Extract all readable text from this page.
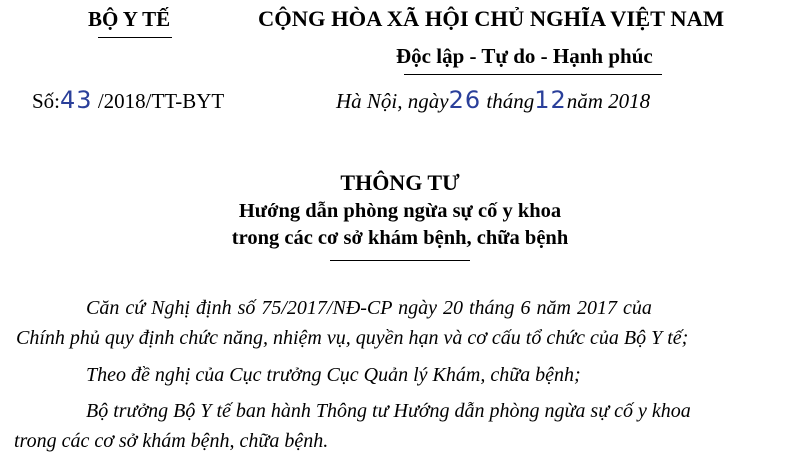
BỘ Y TẾ	CỘNG HÒA XÃ HỘI CHỦ NGHĨA VIỆT NAM
Độc lập - Tự do - Hạnh phúc
Số:43 /2018/TT-BYT	Hà Nội, ngày26 tháng12năm 2018
THÔNG TƯ
Hướng dẫn phòng ngừa sự cố y khoa
trong các cơ sở khám bệnh, chữa bệnh
Căn cứ Nghị định số 75/2017/NĐ-CP ngày 20 tháng 6 năm 2017 của
Chính phủ quy định chức năng, nhiệm vụ, quyền hạn và cơ cấu tổ chức của Bộ Y tế;
Theo đề nghị của Cục trưởng Cục Quản lý Khám, chữa bệnh;
Bộ trưởng Bộ Y tế ban hành Thông tư Hướng dẫn phòng ngừa sự cố y khoa
trong các cơ sở khám bệnh, chữa bệnh.
